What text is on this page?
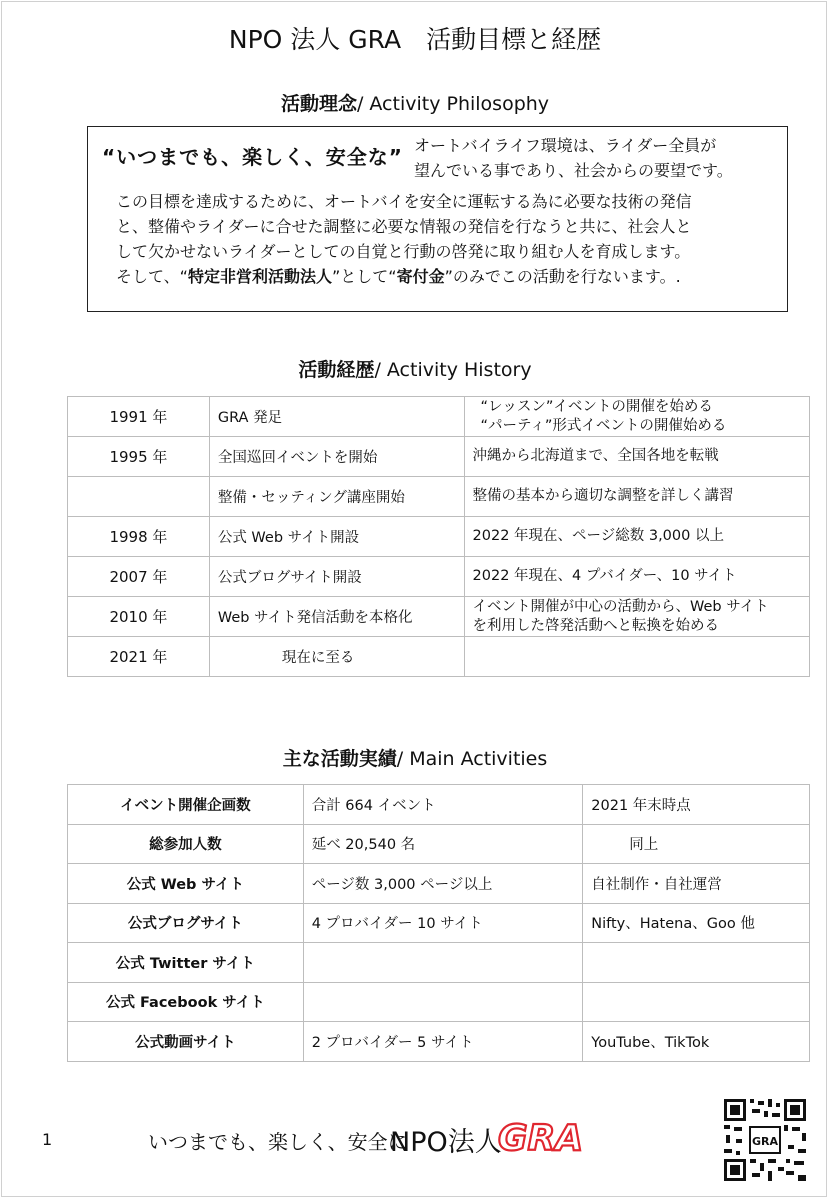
NPO 法人 GRA　活動目標と経歴
活動理念/ Activity Philosophy
“いつまでも、楽しく、安全な” オートバイライフ環境は、ライダー全員が
望んでいる事であり、社会からの要望です。
この目標を達成するために、オートバイを安全に運転する為に必要な技術の発信
と、整備やライダーに合せた調整に必要な情報の発信を行なうと共に、社会人と
して欠かせないライダーとしての自覚と行動の啓発に取り組む人を育成します。
そして、“特定非営利活動法人”として“寄付金”のみでこの活動を行ないます。.
活動経歴/ Activity History
1991 年	GRA 発足	“レッスン”イベントの開催を始める
“パーティ”形式イベントの開催始める

1995 年	全国巡回イベントを開始	沖縄から北海道まで、全国各地を転戦

	整備・セッティング講座開始	整備の基本から適切な調整を詳しく講習

1998 年	公式 Web サイト開設	2022 年現在、ページ総数 3,000 以上

2007 年	公式ブログサイト開設	2022 年現在、4 プバイダー、10 サイト

2010 年	Web サイト発信活動を本格化	イベント開催が中心の活動から、Web サイト
を利用した啓発活動へと転換を始める

2021 年	現在に至る	
主な活動実績/ Main Activities
イベント開催企画数	合計 664 イベント	2021 年末時点
総参加人数	延べ 20,540 名	同上
公式 Web サイト	ページ数 3,000 ページ以上	自社制作・自社運営
公式ブログサイト	4 プロバイダー 10 サイト	Nifty、Hatena、Goo 他
公式 Twitter サイト		
公式 Facebook サイト		
公式動画サイト	2 プロバイダー 5 サイト	YouTube、TikTok
1	いつまでも、楽しく、安全に
NPO法人
GRA	GRA
